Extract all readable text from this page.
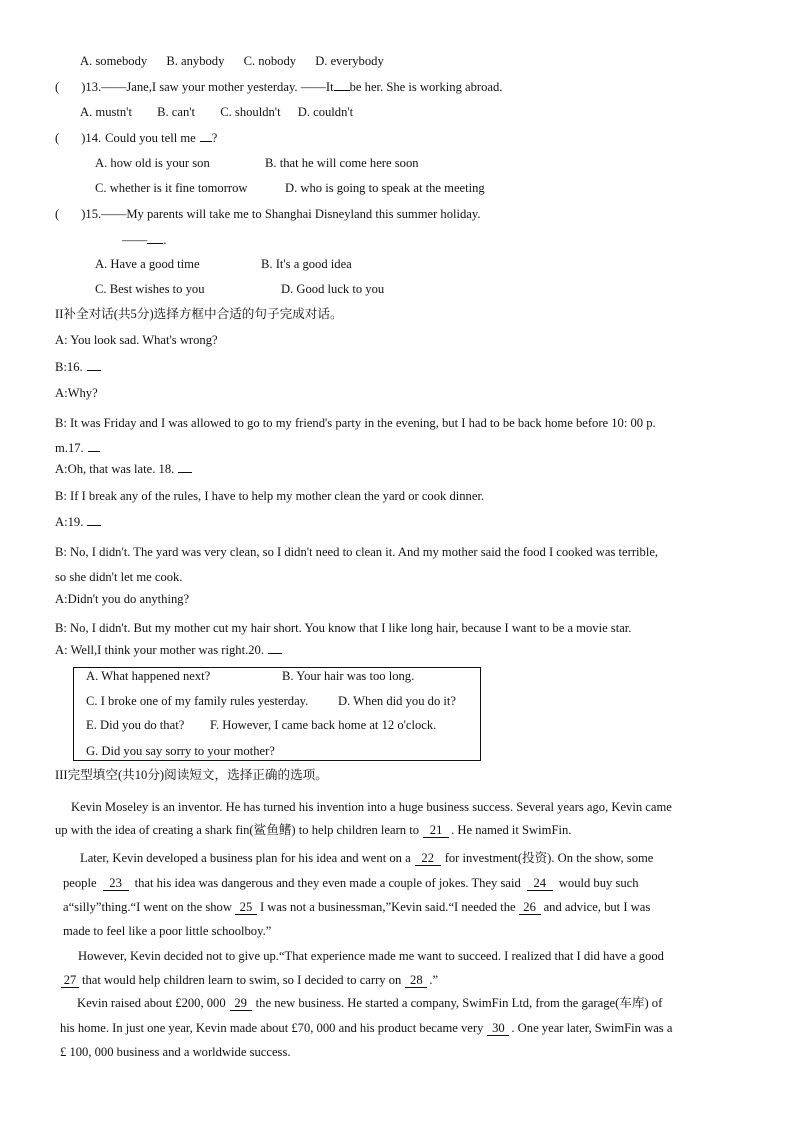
A. somebody B. anybody C. nobody D. everybody
( )13.——Jane,I saw your mother yesterday. ——It be her. She is working abroad.
A. mustn't B. can't C. shouldn't D. couldn't
( )14. Could you tell me ?
A. how old is your son	B. that he will come here soon
C. whether is it fine tomorrow	D. who is going to speak at the meeting
( )15.——My parents will take me to Shanghai Disneyland this summer holiday.
—— .
A. Have a good time	B. It's a good idea
C. Best wishes to you	D. Good luck to you
II补全对话(共5分)选择方框中合适的句子完成对话。
A: You look sad. What's wrong?
B:16.
A:Why?
B: It was Friday and I was allowed to go to my friend's party in the evening, but I had to be back home before 10: 00 p.
m.17.
A:Oh, that was late. 18.
B: If I break any of the rules, I have to help my mother clean the yard or cook dinner.
A:19.
B: No, I didn't. The yard was very clean, so I didn't need to clean it. And my mother said the food I cooked was terrible,
so she didn't let me cook.
A:Didn't you do anything?
B: No, I didn't. But my mother cut my hair short. You know that I like long hair, because I want to be a movie star.
A: Well,I think your mother was right.20.
A. What happened next?	B. Your hair was too long.
C. I broke one of my family rules yesterday. D. When did you do it?
E. Did you do that? F. However, I came back home at 12 o'clock.
G. Did you say sorry to your mother?
III完型填空(共10分)阅读短文，选择正确的选项。
Kevin Moseley is an inventor. He has turned his invention into a huge business success. Several years ago, Kevin came
up with the idea of creating a shark fin(鲨鱼鳍) to help children learn to 21 . He named it SwimFin.
Later, Kevin developed a business plan for his idea and went on a 22 for investment(投资). On the show, some
people 23 that his idea was dangerous and they even made a couple of jokes. They said 24 would buy such
a“silly”thing.“I went on the show 25 I was not a businessman,”Kevin said.“I needed the 26 and advice, but I was
made to feel like a poor little schoolboy.”
However, Kevin decided not to give up.“That experience made me want to succeed. I realized that I did have a good
27 that would help children learn to swim, so I decided to carry on 28 .”
Kevin raised about £200, 000 29 the new business. He started a company, SwimFin Ltd, from the garage(车库) of
his home. In just one year, Kevin made about £70, 000 and his product became very 30 . One year later, SwimFin was a
£ 100, 000 business and a worldwide success.
